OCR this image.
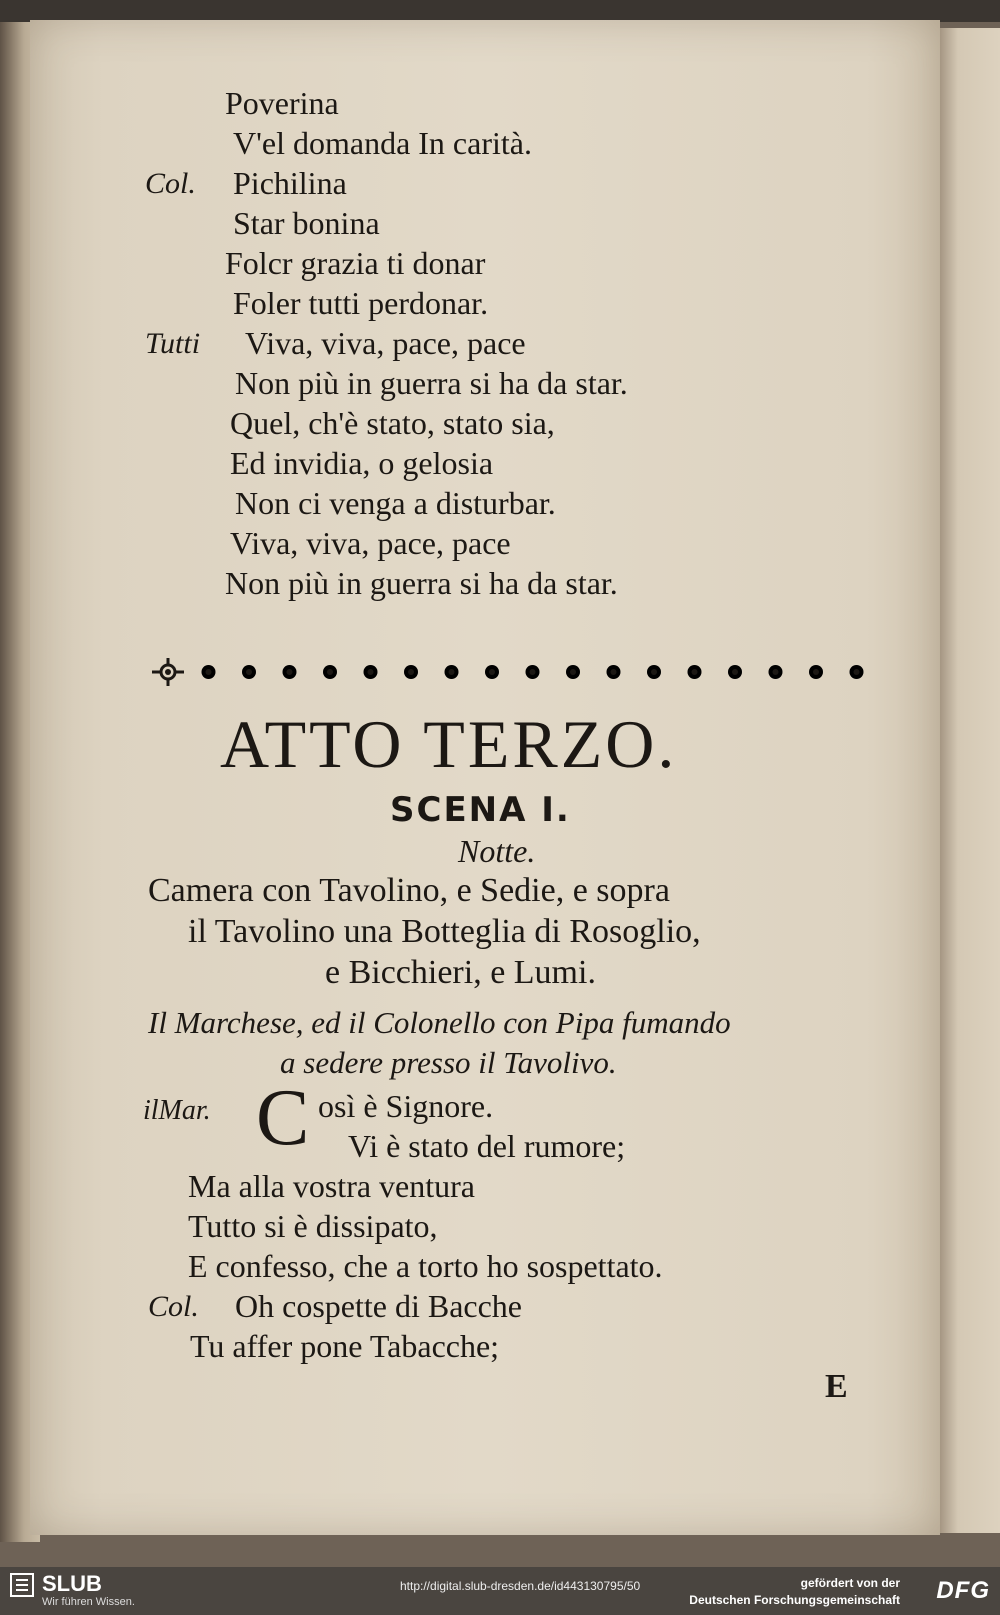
Poverina
V'el domanda In carità.
Col. Pichilina
Star bonina
Folcr grazia ti donar
Foler tutti perdonar.
Tutti Viva, viva, pace, pace
Non più in guerra si ha da star.
Quel, ch'è stato, stato sia,
Ed invidia, o gelosia
Non ci venga a disturbar.
Viva, viva, pace, pace
Non più in guerra si ha da star.
ATTO TERZO.
SCENA I.
Notte.
Camera con Tavolino, e Sedie, e sopra
il Tavolino una Botteglia di Rosoglio,
e Bicchieri, e Lumi.
Il Marchese, ed il Colonello con Pipa fumando
a sedere presso il Tavolivo.
ilMar. C osì è Signore.
Vi è stato del rumore;
Ma alla vostra ventura
Tutto si è dissipato,
E confesso, che a torto ho sospettato.
Col. Oh cospette di Bacche
Tu affer pone Tabacche;
E
SLUB
Wir führen Wissen.
http://digital.slub-dresden.de/id443130795/50	gefördert von der
Deutschen Forschungsgemeinschaft DFG
